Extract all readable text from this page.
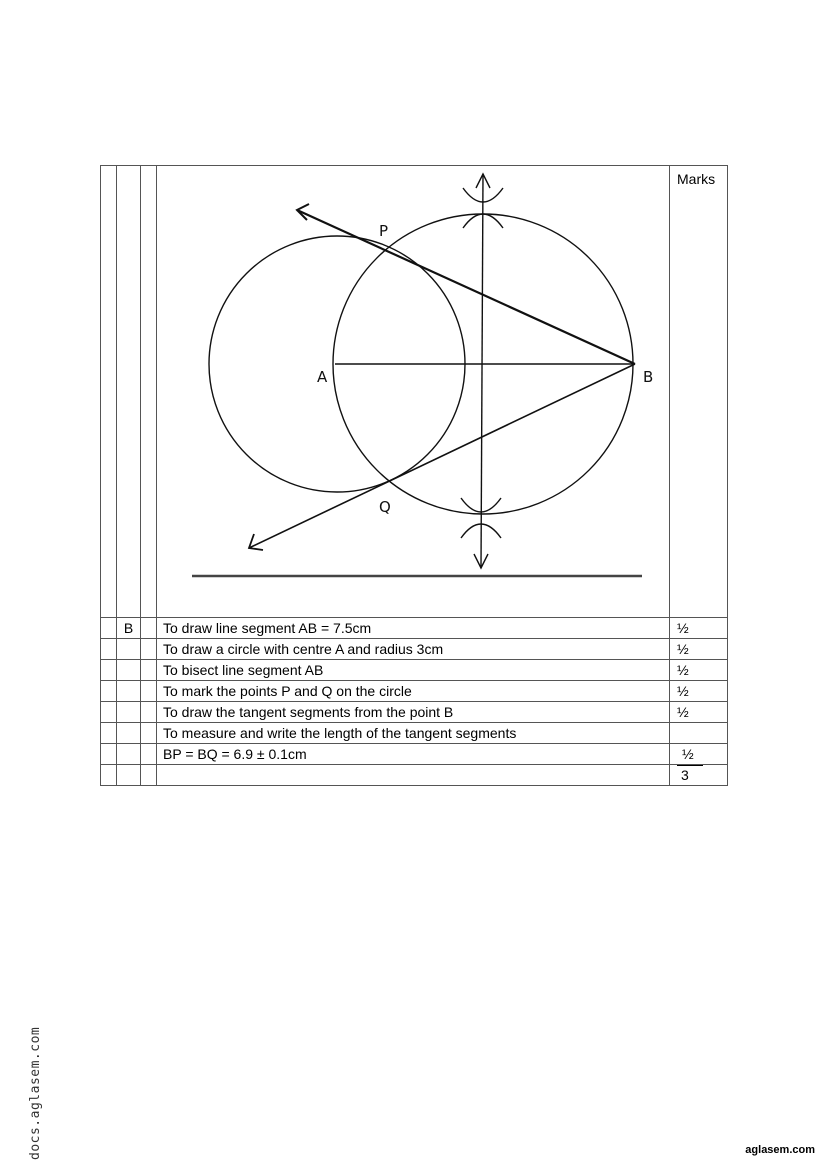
P
A B
Q	Marks
	B		To draw line segment AB = 7.5cm	½
			To draw a circle with centre A and radius 3cm	½
			To bisect line segment AB	½
			To mark the points P and Q on the circle	½
			To draw the tangent segments from the point B	½
			To measure and write the length of the tangent segments	
			BP = BQ = 6.9 ± 0.1cm	½
				3
docs.aglasem.com	aglasem.com
